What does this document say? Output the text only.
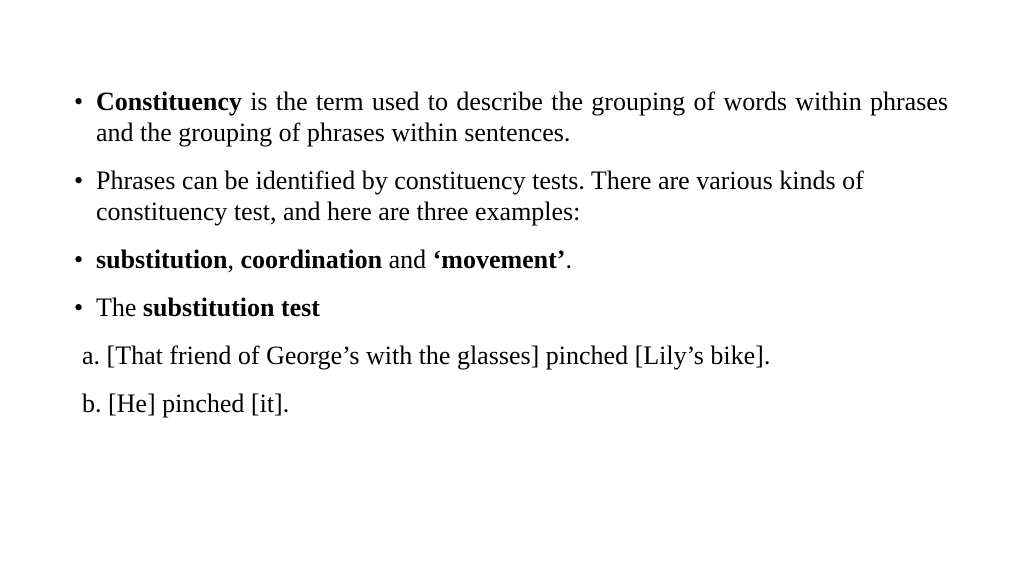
• Constituency is the term used to describe the grouping of words within phrases and the grouping of phrases within sentences.
• Phrases can be identified by constituency tests. There are various kinds of constituency test, and here are three examples:
• substitution, coordination and ‘movement’.
• The substitution test
a. [That friend of George’s with the glasses] pinched [Lily’s bike].
b. [He] pinched [it].
